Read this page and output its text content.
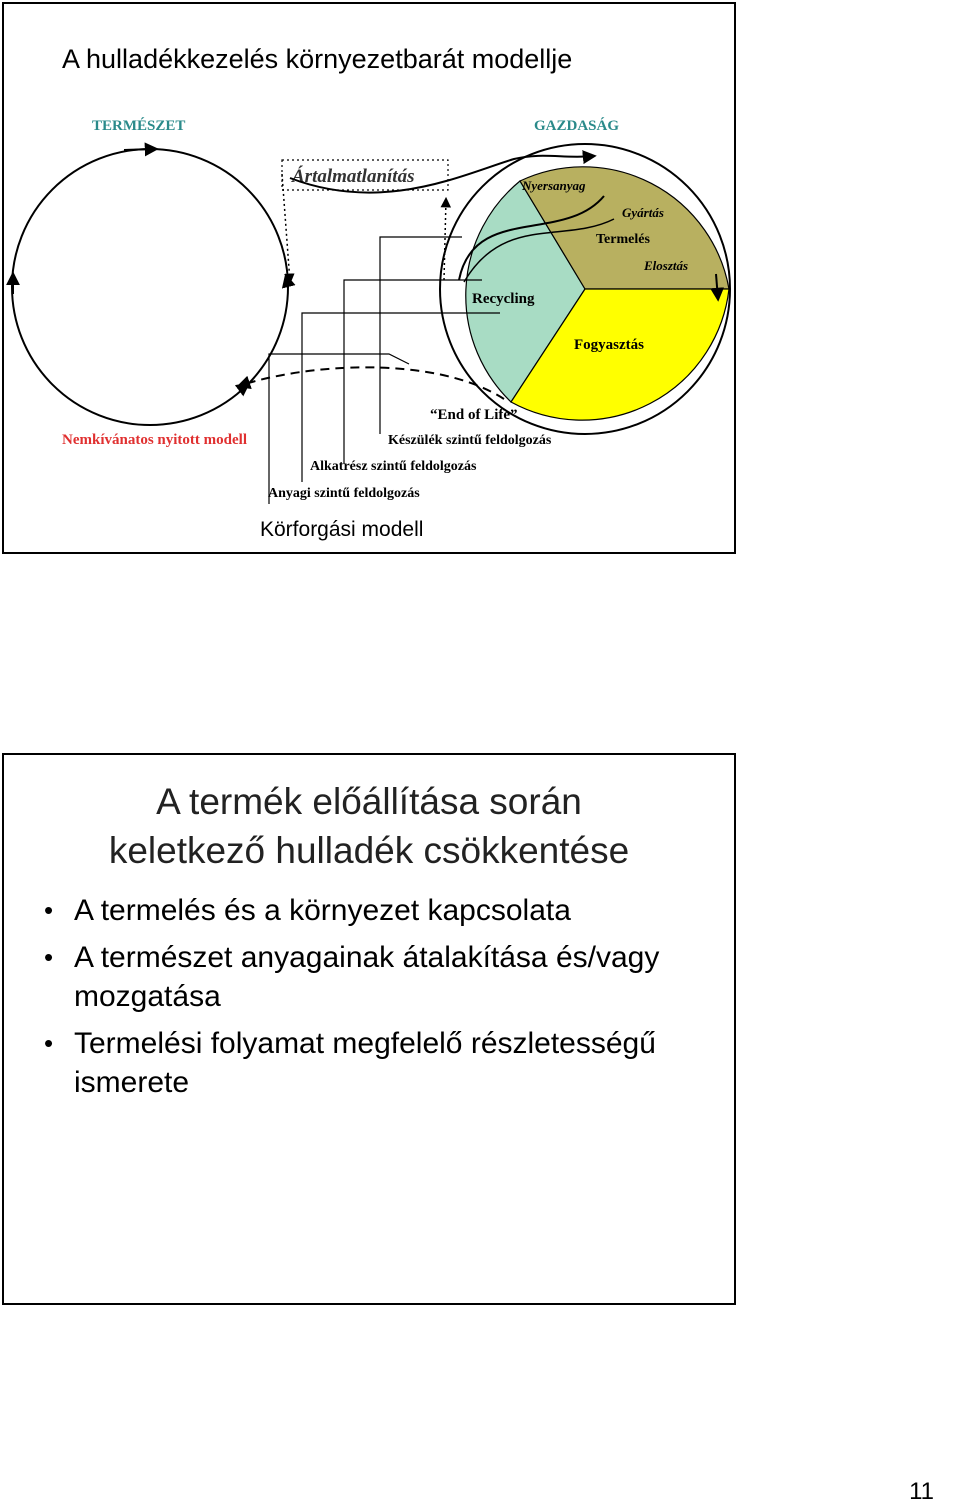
A hulladékkezelés környezetbarát modellje
TERMÉSZET	GAZDASÁG
Ártalmatlanítás	Nyersanyag
Gyártás
Termelés
Elosztás
Recycling
Fogyasztás
“End of Life”
Készülék szintű feldolgozás
Alkatrész szintű feldolgozás
Anyagi szintű feldolgozás
Nemkívánatos nyitott modell
Körforgási modell
A termék előállítása során
keletkező hulladék csökkentése
• A termelés és a környezet kapcsolata
• A természet anyagainak átalakítása és/vagy mozgatása
• Termelési folyamat megfelelő részletességű ismerete
11
